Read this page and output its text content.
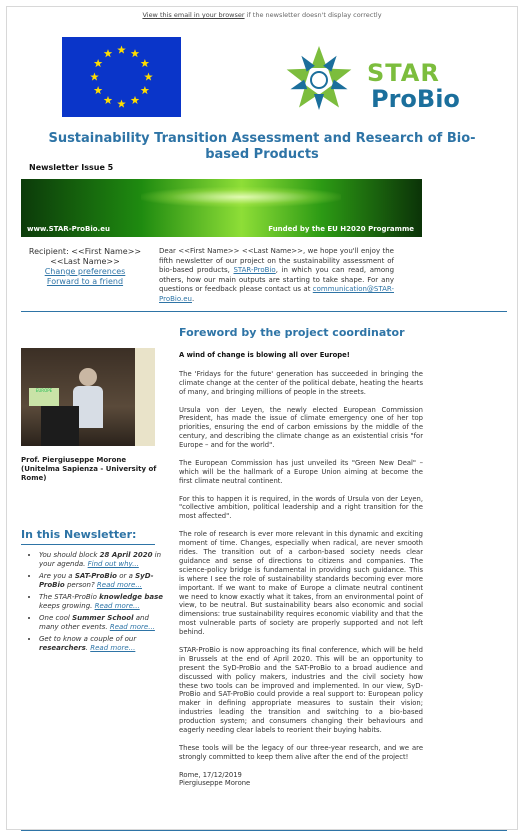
View this email in your browser if the newsletter doesn't display correctly
STAR
ProBio
Sustainability Transition Assessment and Research of Bio-based Products
Newsletter Issue 5
www.STAR-ProBio.eu	Funded by the EU H2020 Programme
Recipient: <<First Name>> <<Last Name>>
Change preferences
Forward to a friend
Dear <<First Name>> <<Last Name>>, we hope you'll enjoy the fifth newsletter of our project on the sustainability assessment of bio-based products, STAR-ProBio, in which you can read, among others, how our main outputs are starting to take shape. For any questions or feedback please contact us at communication@STAR-ProBio.eu.
Foreword by the project coordinator
EUROPE
Prof. Piergiuseppe Morone (Unitelma Sapienza - University of Rome)
In this Newsletter:
• You should block 28 April 2020 in your agenda. Find out why...
• Are you a SAT-ProBio or a SyD-ProBio person? Read more...
• The STAR-ProBio knowledge base keeps growing. Read more...
• One cool Summer School and many other events. Read more...
• Get to know a couple of our researchers. Read more...

A wind of change is blowing all over Europe!

The 'Fridays for the future' generation has succeeded in bringing the climate change at the center of the political debate, heating the hearts of many, and bringing millions of people in the streets.

Ursula von der Leyen, the newly elected European Commission President, has made the issue of climate emergency one of her top priorities, ensuring the end of carbon emissions by the middle of the century, and describing the climate change as an existential crisis "for Europe – and for the world".

The European Commission has just unveiled its "Green New Deal" – which will be the hallmark of a Europe Union aiming at become the first climate neutral continent.

For this to happen it is required, in the words of Ursula von der Leyen, "collective ambition, political leadership and a right transition for the most affected".

The role of research is ever more relevant in this dynamic and exciting moment of time. Changes, especially when radical, are never smooth rides. The transition out of a carbon-based society needs clear guidance and sense of directions to citizens and companies. The science-policy bridge is fundamental in providing such guidance. This is where I see the role of sustainability standards becoming ever more important. If we want to make of Europe a climate neutral continent we need to know exactly what it takes, from an environmental point of view, to be neutral. But sustainability bears also economic and social dimensions: true sustainability requires economic viability and that the most vulnerable parts of society are properly supported and not left behind.

STAR-ProBio is now approaching its final conference, which will be held in Brussels at the end of April 2020. This will be an opportunity to present the SyD-ProBio and the SAT-ProBio to a broad audience and discussed with policy makers, industries and the civil society how these two tools can be improved and implemented. In our view, SyD-ProBio and SAT-ProBio could provide a real support to: European policy maker in defining appropriate measures to sustain their vision; industries leading the transition and switching to a bio-based production system; and consumers changing their behaviours and eagerly needing clear labels to reorient their buying habits.

These tools will be the legacy of our three-year research, and we are strongly committed to keep them alive after the end of the project!

Rome, 17/12/2019
Piergiuseppe Morone
